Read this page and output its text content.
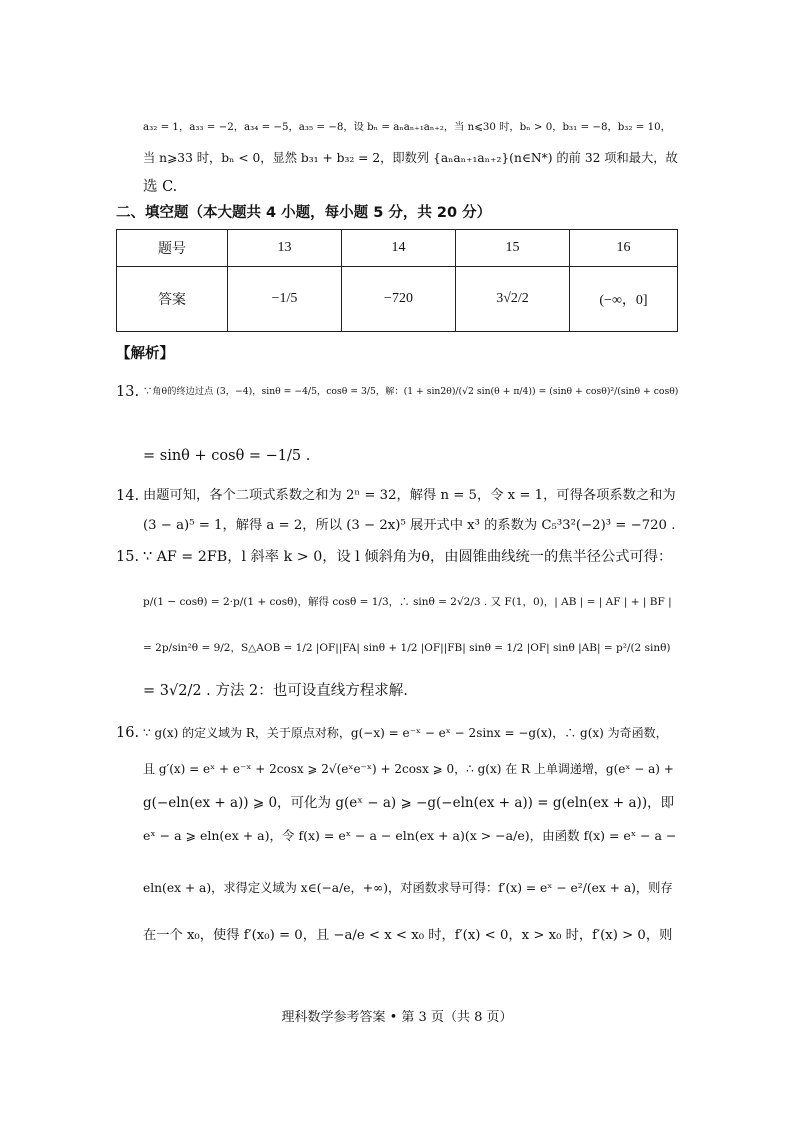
a₃₂ = 1，a₃₃ = −2，a₃₄ = −5，a₃₅ = −8，设 bₙ = aₙaₙ₊₁aₙ₊₂，当 n⩽30 时，bₙ > 0，b₃₁ = −8，b₃₂ = 10，
当 n⩾33 时，bₙ < 0，显然 b₃₁ + b₃₂ = 2，即数列 {aₙaₙ₊₁aₙ₊₂}(n∈N*) 的前 32 项和最大，故
选 C.
二、填空题（本大题共 4 小题，每小题 5 分，共 20 分）
题号	13	14	15	16
答案	−1/5	−720	3√2/2	(−∞，0]
【解析】
13. ∵角θ的终边过点 (3，−4)，sinθ = −4/5，cosθ = 3/5，解：(1 + sin2θ)/(√2 sin(θ + π/4)) = (sinθ + cosθ)²/(sinθ + cosθ)
= sinθ + cosθ = −1/5 .
14. 由题可知，各个二项式系数之和为 2ⁿ = 32，解得 n = 5，令 x = 1，可得各项系数之和为
(3 − a)⁵ = 1，解得 a = 2，所以 (3 − 2x)⁵ 展开式中 x³ 的系数为 C₅³3²(−2)³ = −720 .
15. ∵ AF = 2FB，l 斜率 k > 0，设 l 倾斜角为θ，由圆锥曲线统一的焦半径公式可得：
p/(1 − cosθ) = 2·p/(1 + cosθ)，解得 cosθ = 1/3，∴ sinθ = 2√2/3 . 又 F(1，0)，| AB | = | AF | + | BF |
= 2p/sin²θ = 9/2，S△AOB = 1/2 |OF||FA| sinθ + 1/2 |OF||FB| sinθ = 1/2 |OF| sinθ |AB| = p²/(2 sinθ)
= 3√2/2 . 方法 2：也可设直线方程求解.
16. ∵ g(x) 的定义域为 R，关于原点对称，g(−x) = e⁻ˣ − eˣ − 2sinx = −g(x)，∴ g(x) 为奇函数，
且 g′(x) = eˣ + e⁻ˣ + 2cosx ⩾ 2√(eˣe⁻ˣ) + 2cosx ⩾ 0，∴ g(x) 在 R 上单调递增，g(eˣ − a) +
g(−eln(ex + a)) ⩾ 0，可化为 g(eˣ − a) ⩾ −g(−eln(ex + a)) = g(eln(ex + a))，即
eˣ − a ⩾ eln(ex + a)，令 f(x) = eˣ − a − eln(ex + a)(x > −a/e)，由函数 f(x) = eˣ − a −
eln(ex + a)，求得定义域为 x∈(−a/e，+∞)，对函数求导可得：f′(x) = eˣ − e²/(ex + a)，则存
在一个 x₀，使得 f′(x₀) = 0，且 −a/e < x < x₀ 时，f′(x) < 0，x > x₀ 时，f′(x) > 0，则
理科数学参考答案 • 第 3 页（共 8 页）
